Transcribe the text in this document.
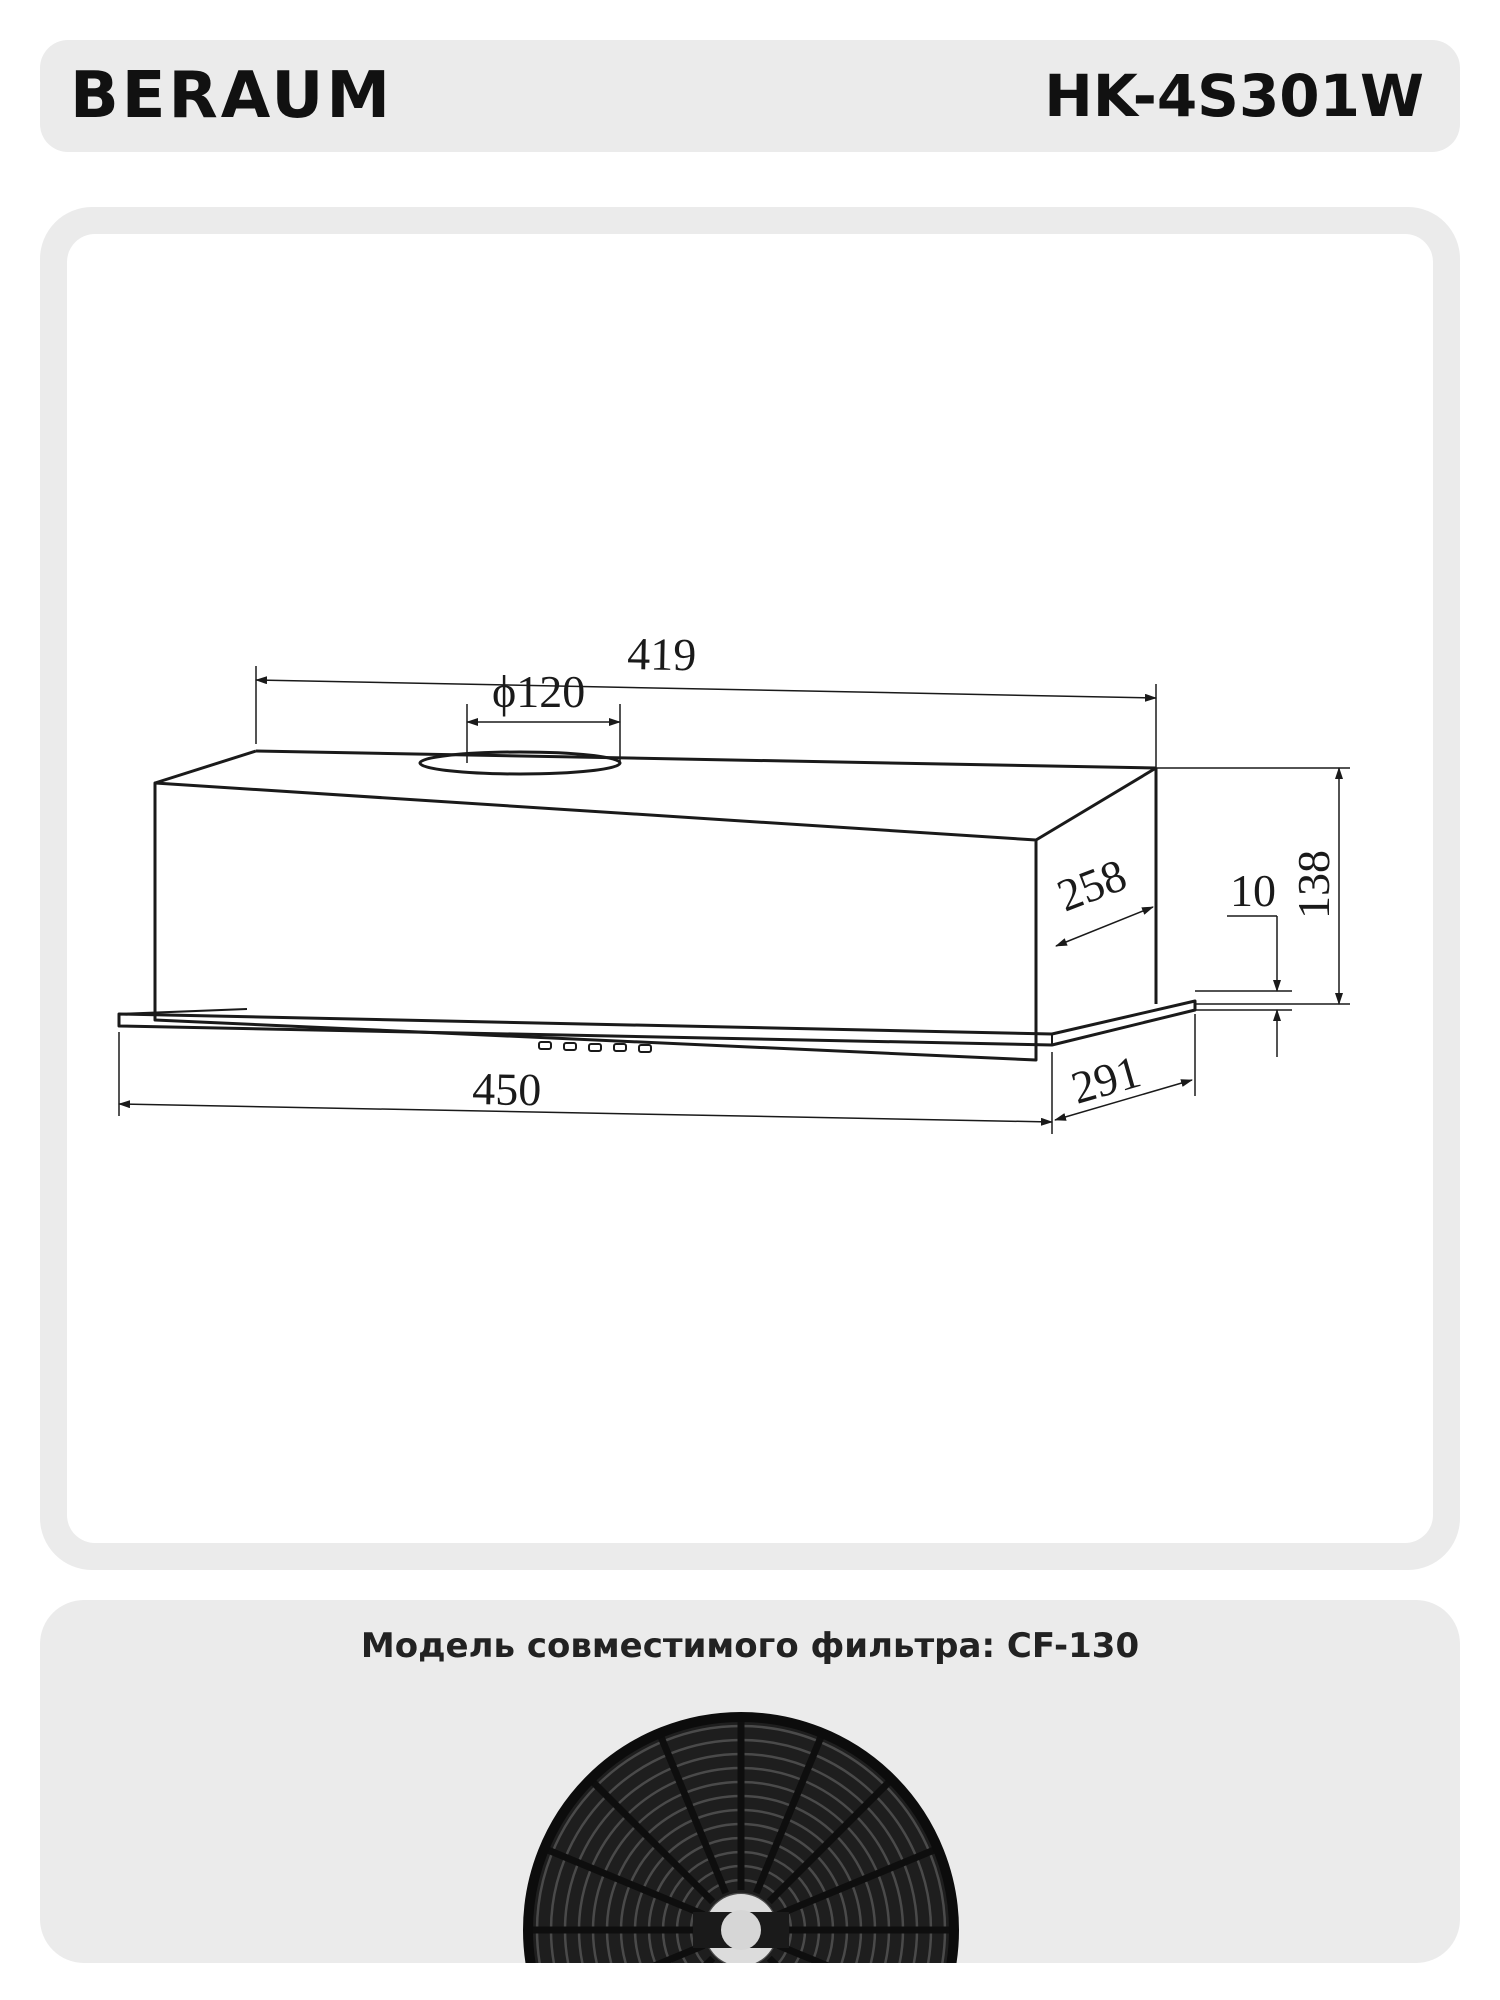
BERAUM	HK-4S301W
419
ϕ120
258 10 138
450	291
Модель совместимого фильтра: CF-130
